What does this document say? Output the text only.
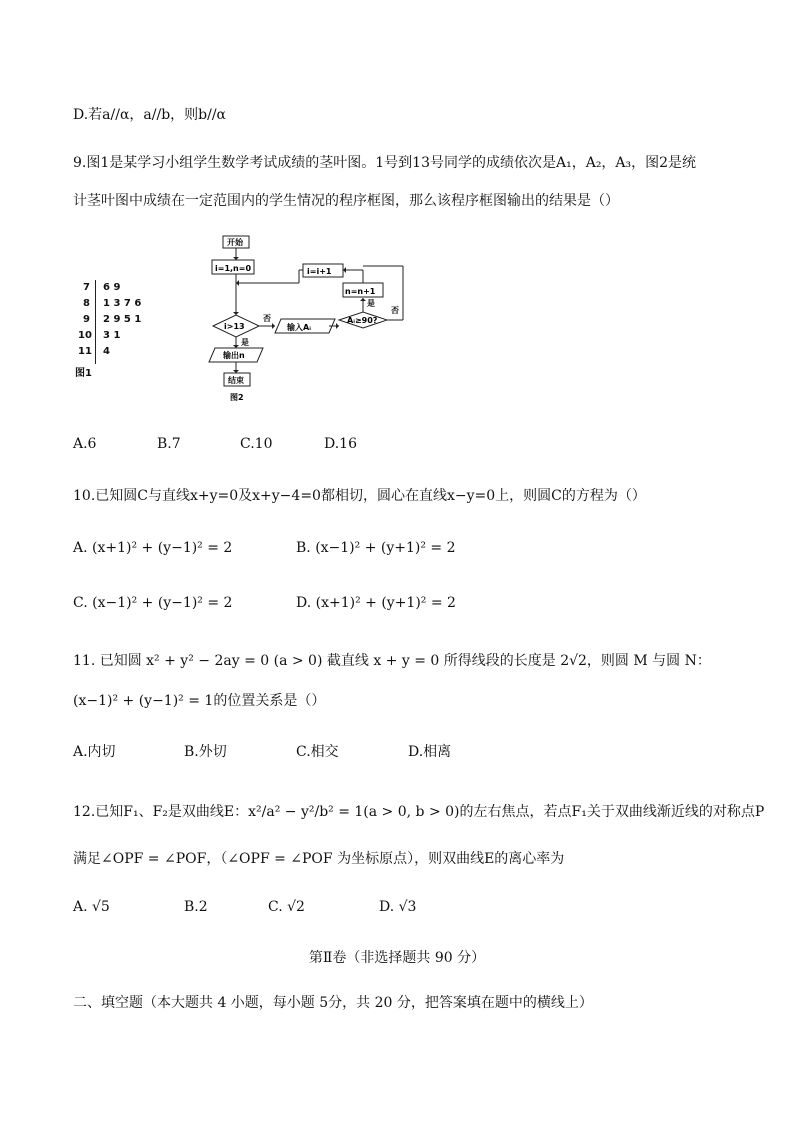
D.若a//α，a//b，则b//α
9.图1是某学习小组学生数学考试成绩的茎叶图。1号到13号同学的成绩依次是A₁，A₂，A₃，图2是统
计茎叶图中成绩在一定范围内的学生情况的程序框图，那么该程序框图输出的结果是（）
7 6 9
8 1 3 7 6
9 2 9 5 1
10 3 1
11 4
图1
开始
i=1,n=0	i=i+1
n=n+1
i>13	输入Aᵢ
Aᵢ≥90?
输出n
结束
否
是
是
否
图2
A.6	B.7	C.10	D.16
10.已知圆C与直线x+y=0及x+y−4=0都相切，圆心在直线x−y=0上，则圆C的方程为（）
A. (x+1)² + (y−1)² = 2	B. (x−1)² + (y+1)² = 2
C. (x−1)² + (y−1)² = 2	D. (x+1)² + (y+1)² = 2
11. 已知圆 x² + y² − 2ay = 0 (a > 0) 截直线 x + y = 0 所得线段的长度是 2√2，则圆 M 与圆 N：
(x−1)² + (y−1)² = 1的位置关系是（）
A.内切	B.外切	C.相交	D.相离
12.已知F₁、F₂是双曲线E：x²/a² − y²/b² = 1(a > 0, b > 0)的左右焦点，若点F₁关于双曲线渐近线的对称点P
满足∠OPF = ∠POF，（∠OPF = ∠POF 为坐标原点），则双曲线E的离心率为
A. √5	B.2	C. √2	D. √3
第Ⅱ卷（非选择题共 90 分）
二、填空题（本大题共 4 小题，每小题 5分，共 20 分，把答案填在题中的横线上）
